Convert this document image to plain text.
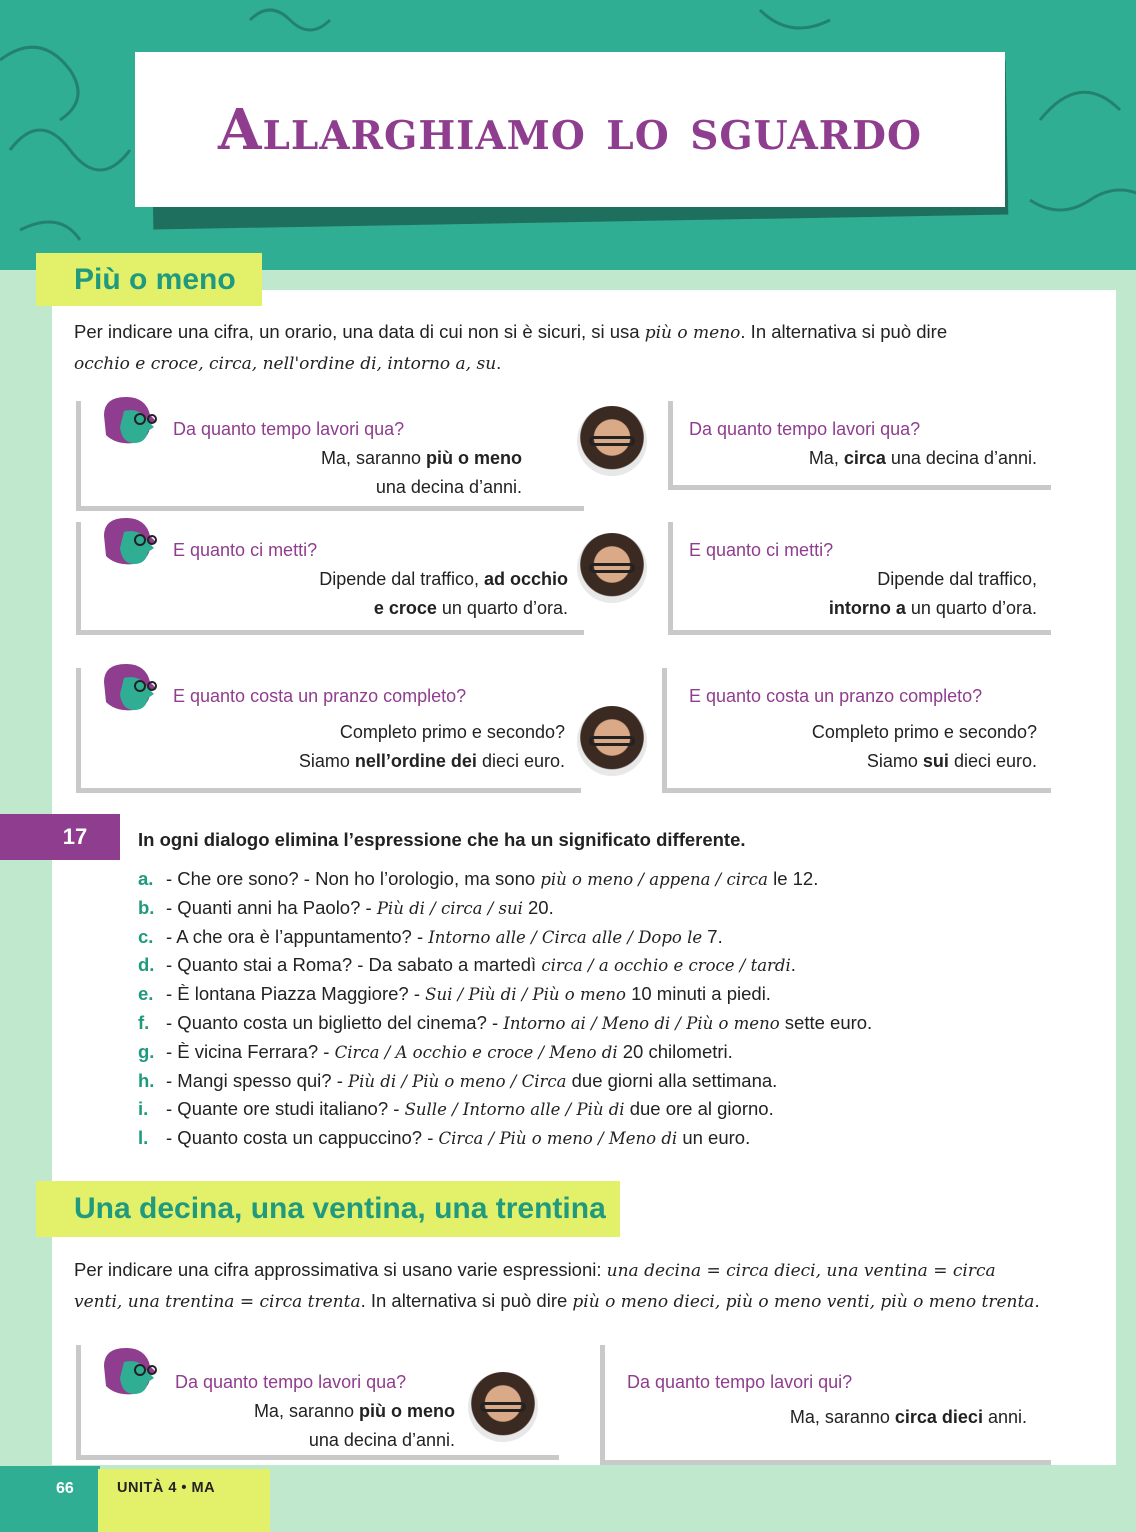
Allarghiamo lo sguardo
Più o meno
Per indicare una cifra, un orario, una data di cui non si è sicuri, si usa più o meno. In alternativa si può dire
occhio e croce, circa, nell'ordine di, intorno a, su.
Da quanto tempo lavori qua?
Ma, saranno più o meno
una decina d’anni.
Da quanto tempo lavori qua?
Ma, circa una decina d’anni.
E quanto ci metti?
Dipende dal traffico, ad occhio
e croce un quarto d’ora.
E quanto ci metti?
Dipende dal traffico,
intorno a un quarto d’ora.
E quanto costa un pranzo completo?
Completo primo e secondo?
Siamo nell’ordine dei dieci euro.
E quanto costa un pranzo completo?
Completo primo e secondo?
Siamo sui dieci euro.
17	In ogni dialogo elimina l’espressione che ha un significato differente.
a. - Che ore sono? - Non ho l’orologio, ma sono più o meno / appena / circa le 12.
b. - Quanti anni ha Paolo? - Più di / circa / sui 20.
c. - A che ora è l’appuntamento? - Intorno alle / Circa alle / Dopo le 7.
d. - Quanto stai a Roma? - Da sabato a martedì circa / a occhio e croce / tardi.
e. - È lontana Piazza Maggiore? - Sui / Più di / Più o meno 10 minuti a piedi.
f. - Quanto costa un biglietto del cinema? - Intorno ai / Meno di / Più o meno sette euro.
g. - È vicina Ferrara? - Circa / A occhio e croce / Meno di 20 chilometri.
h. - Mangi spesso qui? - Più di / Più o meno / Circa due giorni alla settimana.
i. - Quante ore studi italiano? - Sulle / Intorno alle / Più di due ore al giorno.
l. - Quanto costa un cappuccino? - Circa / Più o meno / Meno di un euro.
Una decina, una ventina, una trentina
Per indicare una cifra approssimativa si usano varie espressioni: una decina = circa dieci, una ventina = circa
venti, una trentina = circa trenta. In alternativa si può dire più o meno dieci, più o meno venti, più o meno trenta.
Da quanto tempo lavori qua?
Ma, saranno più o meno
una decina d’anni.
Da quanto tempo lavori qui?
Ma, saranno circa dieci anni.
66	UNITÀ 4 • MA
